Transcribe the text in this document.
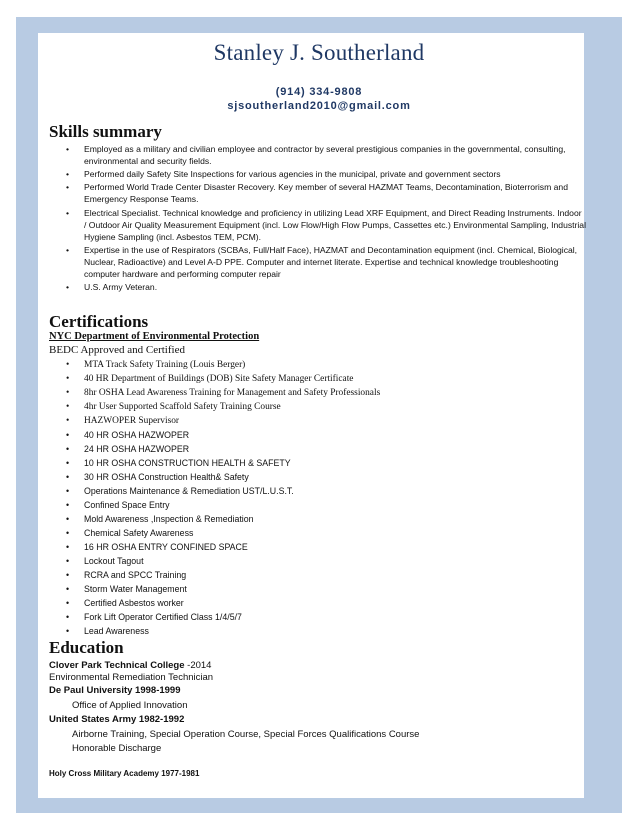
Stanley J. Southerland
(914) 334-9808
sjsoutherland2010@gmail.com
Skills summary
• Employed as a military and civilian employee and contractor by several prestigious companies in the governmental, consulting, environmental and security fields.
• Performed daily Safety Site Inspections for various agencies in the municipal, private and government sectors
• Performed World Trade Center Disaster Recovery. Key member of several HAZMAT Teams, Decontamination, Bioterrorism and Emergency Response Teams.
• Electrical Specialist. Technical knowledge and proficiency in utilizing Lead XRF Equipment, and Direct Reading Instruments. Indoor / Outdoor Air Quality Measurement Equipment (incl. Low Flow/High Flow Pumps, Cassettes etc.) Environmental Sampling, Industrial Hygiene Sampling (incl. Asbestos TEM, PCM).
• Expertise in the use of Respirators (SCBAs, Full/Half Face), HAZMAT and Decontamination equipment (incl. Chemical, Biological, Nuclear, Radioactive) and Level A-D PPE. Computer and internet literate. Expertise and technical knowledge troubleshooting computer hardware and performing computer repair
• U.S. Army Veteran.
Certifications
NYC Department of Environmental Protection
BEDC Approved and Certified
• MTA Track Safety Training (Louis Berger)
• 40 HR Department of Buildings (DOB) Site Safety Manager Certificate
• 8hr OSHA Lead Awareness Training for Management and Safety Professionals
• 4hr User Supported Scaffold Safety Training Course
• HAZWOPER Supervisor
• 40 HR OSHA HAZWOPER
• 24 HR OSHA HAZWOPER
• 10 HR OSHA CONSTRUCTION HEALTH & SAFETY
• 30 HR OSHA Construction Health& Safety
• Operations Maintenance & Remediation UST/L.U.S.T.
• Confined Space Entry
• Mold Awareness ,Inspection & Remediation
• Chemical Safety Awareness
• 16 HR OSHA ENTRY CONFINED SPACE
• Lockout Tagout
• RCRA and SPCC Training
• Storm Water Management
• Certified Asbestos worker
• Fork Lift Operator Certified Class 1/4/5/7
• Lead Awareness
Education
Clover Park Technical College -2014
Environmental Remediation Technician
De Paul University 1998-1999
Office of Applied Innovation
United States Army 1982-1992
Airborne Training, Special Operation Course, Special Forces Qualifications Course
Honorable Discharge
Holy Cross Military Academy 1977-1981
